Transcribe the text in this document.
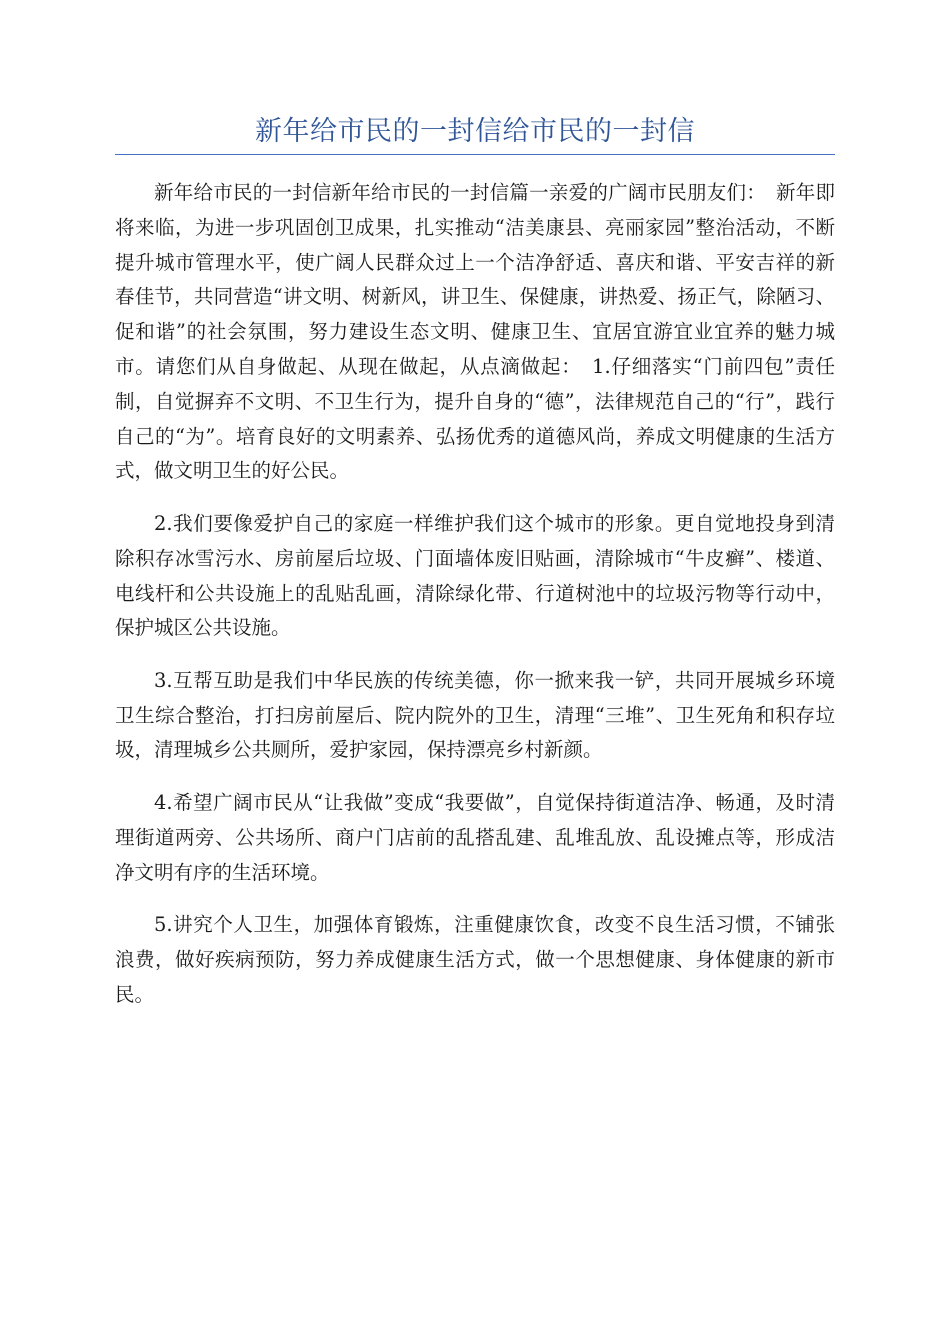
新年给市民的一封信给市民的一封信

新年给市民的一封信新年给市民的一封信篇一亲爱的广阔市民朋友们：　新年即将来临，为进一步巩固创卫成果，扎实推动“洁美康县、亮丽家园”整治活动，不断提升城市管理水平，使广阔人民群众过上一个洁净舒适、喜庆和谐、平安吉祥的新春佳节，共同营造“讲文明、树新风，讲卫生、保健康，讲热爱、扬正气，除陋习、促和谐”的社会氛围，努力建设生态文明、健康卫生、宜居宜游宜业宜养的魅力城市。请您们从自身做起、从现在做起，从点滴做起：　1.仔细落实“门前四包”责任制，自觉摒弃不文明、不卫生行为，提升自身的“德”，法律规范自己的“行”，践行自己的“为”。培育良好的文明素养、弘扬优秀的道德风尚，养成文明健康的生活方式，做文明卫生的好公民。

2.我们要像爱护自己的家庭一样维护我们这个城市的形象。更自觉地投身到清除积存冰雪污水、房前屋后垃圾、门面墙体废旧贴画，清除城市“牛皮癣”、楼道、电线杆和公共设施上的乱贴乱画，清除绿化带、行道树池中的垃圾污物等行动中，保护城区公共设施。

3.互帮互助是我们中华民族的传统美德，你一掀来我一铲，共同开展城乡环境卫生综合整治，打扫房前屋后、院内院外的卫生，清理“三堆”、卫生死角和积存垃圾，清理城乡公共厕所，爱护家园，保持漂亮乡村新颜。

4.希望广阔市民从“让我做”变成“我要做”，自觉保持街道洁净、畅通，及时清理街道两旁、公共场所、商户门店前的乱搭乱建、乱堆乱放、乱设摊点等，形成洁净文明有序的生活环境。

5.讲究个人卫生，加强体育锻炼，注重健康饮食，改变不良生活习惯，不铺张浪费，做好疾病预防，努力养成健康生活方式，做一个思想健康、身体健康的新市民。
